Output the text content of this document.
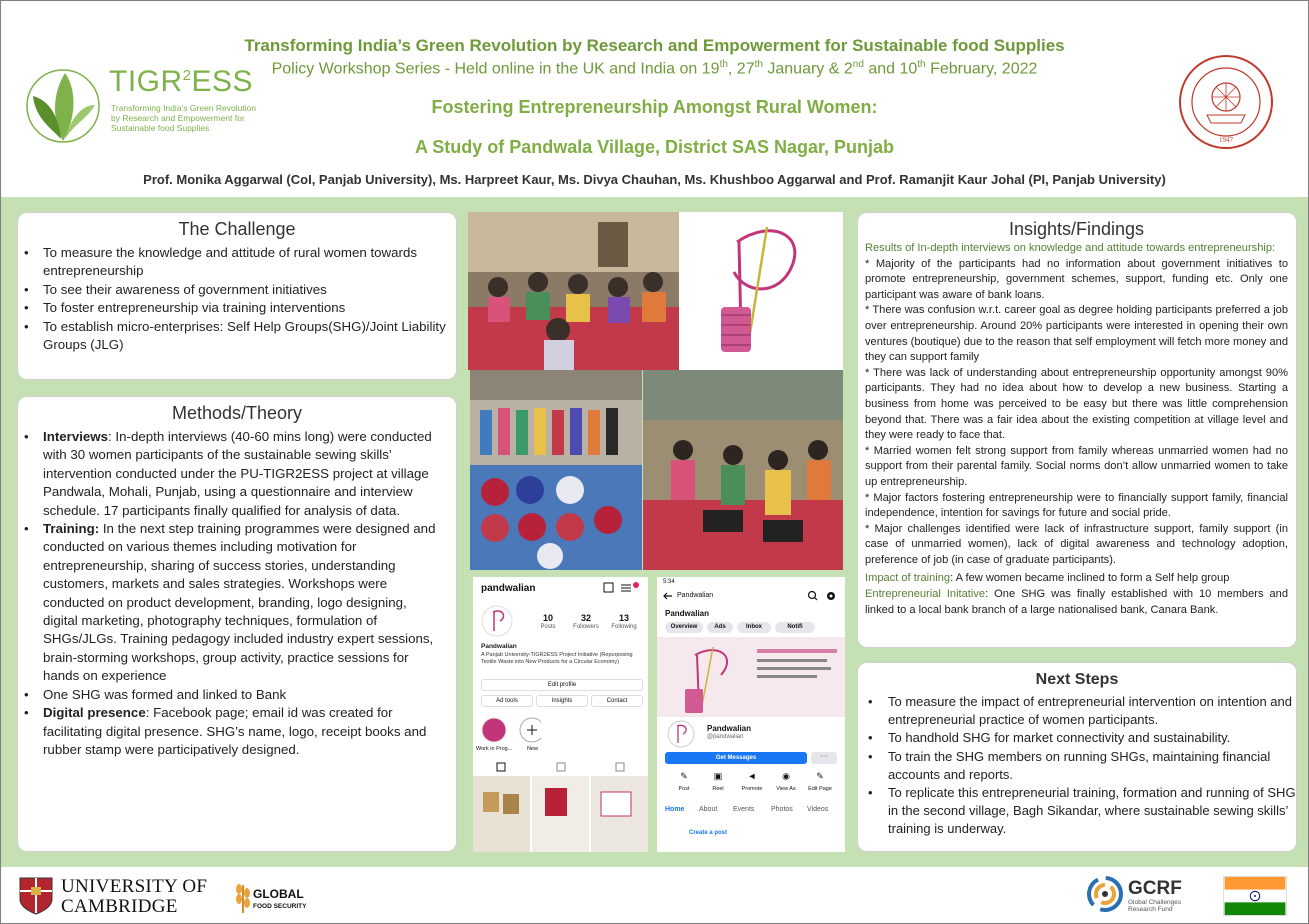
TIGR$^2$ESS
Transforming India’s Green Revolution by Research and Empowerment for Sustainable food Supplies
Transforming India’s Green Revolution by Research and Empowerment for Sustainable food Supplies
Policy Workshop Series - Held online in the UK and India on 19th, 27th January & 2nd and 10th February, 2022
Fostering Entrepreneurship Amongst Rural Women:
A Study of Pandwala Village, District SAS Nagar, Punjab
Prof. Monika Aggarwal (CoI, Panjab University), Ms. Harpreet Kaur, Ms. Divya Chauhan, Ms. Khushboo Aggarwal and Prof. Ramanjit Kaur Johal (PI, Panjab University)
1947
The Challenge
• To measure the knowledge and attitude of rural women towards entrepreneurship
• To see their awareness of government initiatives
• To foster entrepreneurship via training interventions
• To establish micro-enterprises: Self Help Groups(SHG)/Joint Liability Groups (JLG)
Methods/Theory
• Interviews: In-depth interviews (40-60 mins long) were conducted with 30 women participants of the sustainable sewing skills’ intervention conducted under the PU-TIGR2ESS project at village Pandwala, Mohali, Punjab, using a questionnaire and interview schedule. 17 participants finally qualified for analysis of data.
• Training: In the next step training programmes were designed and conducted on various themes including motivation for entrepreneurship, sharing of success stories, understanding customers, markets and sales strategies. Workshops were conducted on product development, branding, logo designing, digital marketing, photography techniques, formulation of SHGs/JLGs. Training pedagogy included industry expert sessions, brain-storming workshops, group activity, practice sessions for hands on experience
• One SHG was formed and linked to Bank
• Digital presence: Facebook page; email id was created for facilitating digital presence. SHG’s name, logo, receipt books and rubber stamp were participatively designed.
pandwalian
10
Posts
32
Followers
13
Following
Pandwalian
A Panjab University-TIGR2ESS Project Initiative (Repurposing Textile Waste into New Products for a Circular Economy)
Edit profile
Ad tools	Insights	Contact
Work in Prog...	New
5:34
Pandwalian
Pandwalian
Overview	Ads	Inbox	Notifi
Pandwalian
@pandwalian
Get Messages	···
✎
Post
▣
Reel
◄
Promote
◉
View As
✎
Edit Page
Home About Events Photos Videos
Create a post
Insights/Findings

Results of In-depth interviews on knowledge and attitude towards entrepreneurship:

* Majority of the participants had no information about government initiatives to promote entrepreneurship, government schemes, support, funding etc. Only one participant was aware of bank loans.

* There was confusion w.r.t. career goal as degree holding participants preferred a job over entrepreneurship. Around 20% participants were interested in opening their own ventures (boutique) due to the reason that self employment will fetch more money and they can support family

* There was lack of understanding about entrepreneurship opportunity amongst 90% participants. They had no idea about how to develop a new business. Starting a business from home was perceived to be easy but there was little comprehension beyond that. There was a fair idea about the existing competition at village level and they were ready to face that.

* Married women felt strong support from family whereas unmarried women had no support from their parental family. Social norms don’t allow unmarried women to take up entrepreneurship.

* Major factors fostering entrepreneurship were to financially support family, financial independence, intention for savings for future and social pride.

* Major challenges identified were lack of infrastructure support, family support (in case of unmarried women), lack of digital awareness and technology adoption, preference of job (in case of graduate participants).

Impact of training: A few women became inclined to form a Self help group

Entrepreneurial Initative: One SHG was finally established with 10 members and linked to a local bank branch of a large nationalised bank, Canara Bank.

Next Steps
• To measure the impact of entrepreneurial intervention on intention and entrepreneurial practice of women participants.
• To handhold SHG for market connectivity and sustainability.
• To train the SHG members on running SHGs, maintaining financial accounts and reports.
• To replicate this entrepreneurial training, formation and running of SHG in the second village, Bagh Sikandar, where sustainable sewing skills’ training is underway.
UNIVERSITY OF
CAMBRIDGE
GLOBAL
FOOD SECURITY
GCRF
Global Challenges Research Fund
